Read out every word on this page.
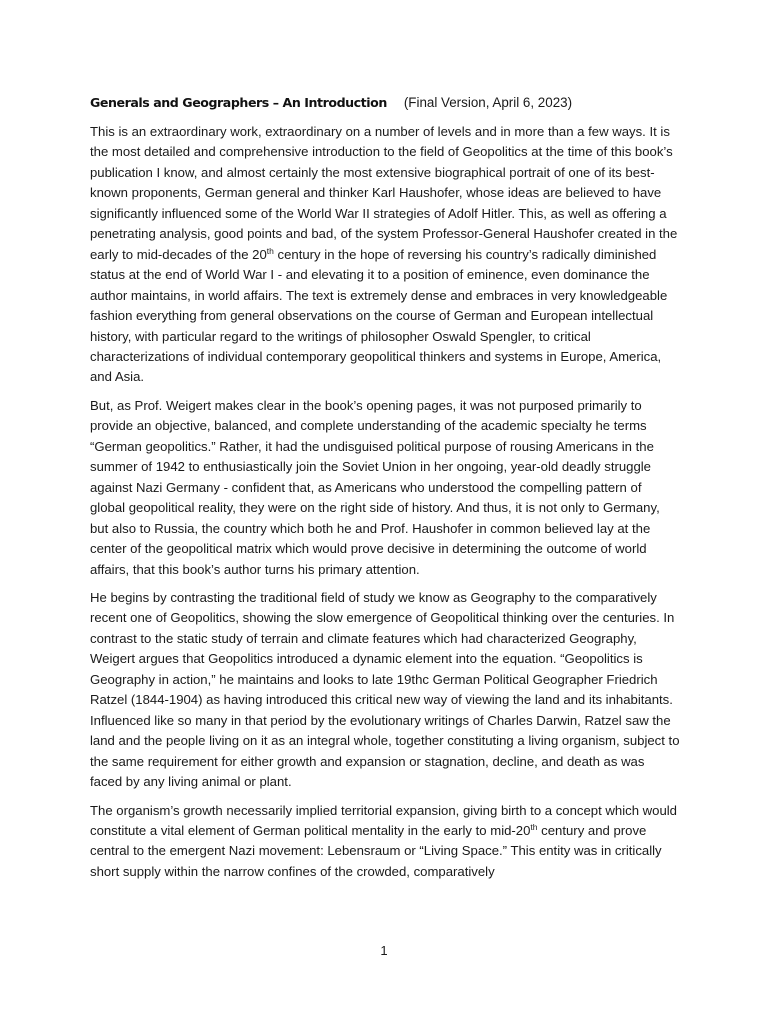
Generals and Geographers – An Introduction (Final Version, April 6, 2023)

This is an extraordinary work, extraordinary on a number of levels and in more than a few ways. It is the most detailed and comprehensive introduction to the field of Geopolitics at the time of this book’s publication I know, and almost certainly the most extensive biographical portrait of one of its best-known proponents, German general and thinker Karl Haushofer, whose ideas are believed to have significantly influenced some of the World War II strategies of Adolf Hitler. This, as well as offering a penetrating analysis, good points and bad, of the system Professor-General Haushofer created in the early to mid-decades of the 20th century in the hope of reversing his country’s radically diminished status at the end of World War I - and elevating it to a position of eminence, even dominance the author maintains, in world affairs. The text is extremely dense and embraces in very knowledgeable fashion everything from general observations on the course of German and European intellectual history, with particular regard to the writings of philosopher Oswald Spengler, to critical characterizations of individual contemporary geopolitical thinkers and systems in Europe, America, and Asia.

But, as Prof. Weigert makes clear in the book’s opening pages, it was not purposed primarily to provide an objective, balanced, and complete understanding of the academic specialty he terms “German geopolitics.” Rather, it had the undisguised political purpose of rousing Americans in the summer of 1942 to enthusiastically join the Soviet Union in her ongoing, year-old deadly struggle against Nazi Germany - confident that, as Americans who understood the compelling pattern of global geopolitical reality, they were on the right side of history. And thus, it is not only to Germany, but also to Russia, the country which both he and Prof. Haushofer in common believed lay at the center of the geopolitical matrix which would prove decisive in determining the outcome of world affairs, that this book’s author turns his primary attention.

He begins by contrasting the traditional field of study we know as Geography to the comparatively recent one of Geopolitics, showing the slow emergence of Geopolitical thinking over the centuries. In contrast to the static study of terrain and climate features which had characterized Geography, Weigert argues that Geopolitics introduced a dynamic element into the equation. “Geopolitics is Geography in action,” he maintains and looks to late 19thc German Political Geographer Friedrich Ratzel (1844-1904) as having introduced this critical new way of viewing the land and its inhabitants. Influenced like so many in that period by the evolutionary writings of Charles Darwin, Ratzel saw the land and the people living on it as an integral whole, together constituting a living organism, subject to the same requirement for either growth and expansion or stagnation, decline, and death as was faced by any living animal or plant.

The organism’s growth necessarily implied territorial expansion, giving birth to a concept which would constitute a vital element of German political mentality in the early to mid-20th century and prove central to the emergent Nazi movement: Lebensraum or “Living Space.” This entity was in critically short supply within the narrow confines of the crowded, comparatively

1
